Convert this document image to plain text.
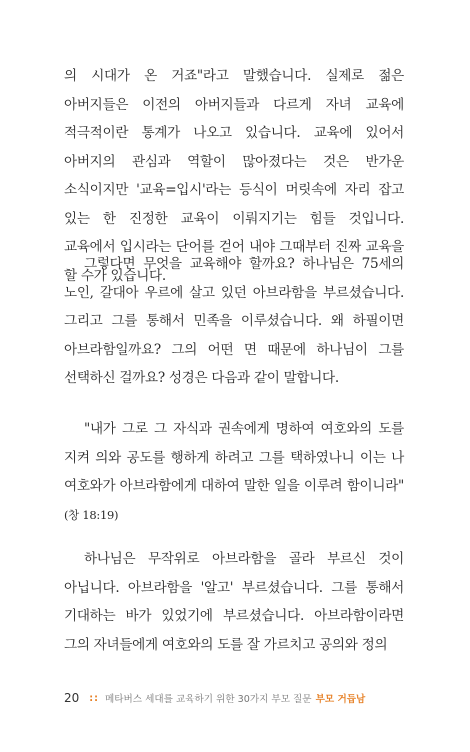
의 시대가 온 거죠"라고 말했습니다. 실제로 젊은 아버지들은 이전의 아버지들과 다르게 자녀 교육에 적극적이란 통계가 나오고 있습니다. 교육에 있어서 아버지의 관심과 역할이 많아졌다는 것은 반가운 소식이지만 '교육=입시'라는 등식이 머릿속에 자리 잡고 있는 한 진정한 교육이 이뤄지기는 힘들 것입니다. 교육에서 입시라는 단어를 걷어 내야 그때부터 진짜 교육을 할 수가 있습니다.

그렇다면 무엇을 교육해야 할까요? 하나님은 75세의 노인, 갈대아 우르에 살고 있던 아브라함을 부르셨습니다. 그리고 그를 통해서 민족을 이루셨습니다. 왜 하필이면 아브라함일까요? 그의 어떤 면 때문에 하나님이 그를 선택하신 걸까요? 성경은 다음과 같이 말합니다.

"내가 그로 그 자식과 권속에게 명하여 여호와의 도를 지켜 의와 공도를 행하게 하려고 그를 택하였나니 이는 나 여호와가 아브라함에게 대하여 말한 일을 이루려 함이니라"(창 18:19)

하나님은 무작위로 아브라함을 골라 부르신 것이 아닙니다. 아브라함을 '알고' 부르셨습니다. 그를 통해서 기대하는 바가 있었기에 부르셨습니다. 아브라함이라면 그의 자녀들에게 여호와의 도를 잘 가르치고 공의와 정의

20 :: 메타버스 세대를 교육하기 위한 30가지 부모 질문 부모 거듭남
